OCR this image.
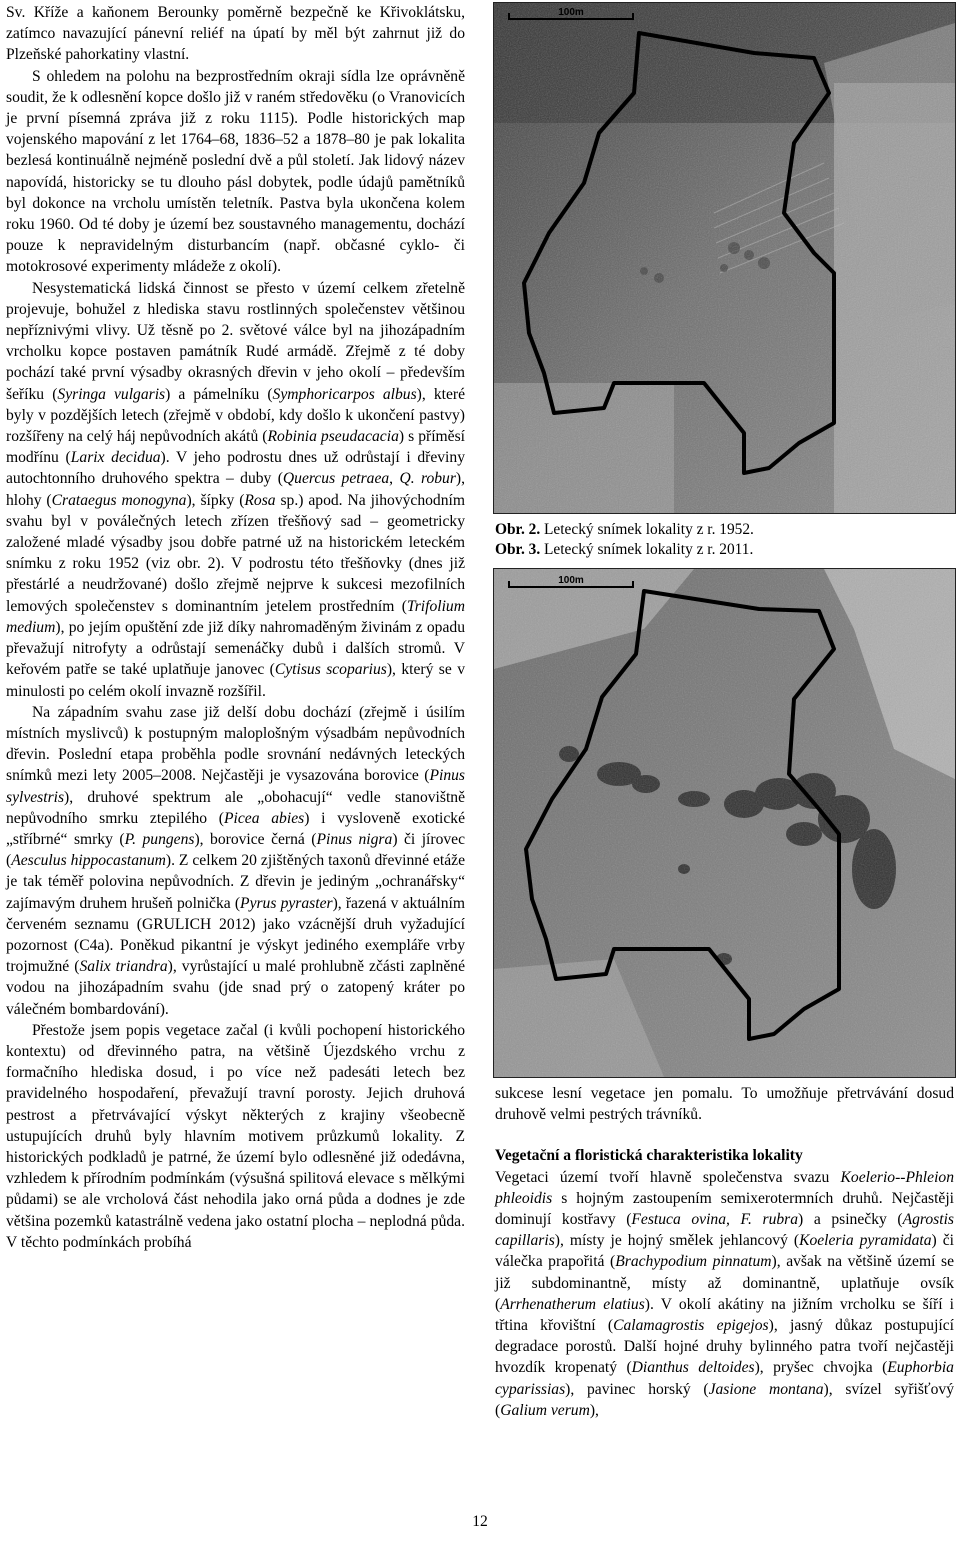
Sv. Kříže a kaňonem Berounky poměrně bezpečně ke Křivoklátsku, zatímco navazující pánevní reliéf na úpatí by měl být zahrnut již do Plzeňské pahorkatiny vlastní.

S ohledem na polohu na bezprostředním okraji sídla lze oprávněně soudit, že k odlesnění kopce došlo již v raném středověku (o Vranovicích je první písemná zpráva již z roku 1115). Podle historických map vojenského mapování z let 1764–68, 1836–52 a 1878–80 je pak lokalita bezlesá kontinuálně nejméně poslední dvě a půl století. Jak lidový název napovídá, historicky se tu dlouho pásl dobytek, podle údajů pamětníků byl dokonce na vrcholu umístěn teletník. Pastva byla ukončena kolem roku 1960. Od té doby je území bez soustavného managementu, dochází pouze k nepravidelným disturbancím (např. občasné cyklo- či motokrosové experimenty mládeže z okolí).

Nesystematická lidská činnost se přesto v území celkem zřetelně projevuje, bohužel z hlediska stavu rostlinných společenstev většinou nepříznivými vlivy. Už těsně po 2. světové válce byl na jihozápadním vrcholku kopce postaven památník Rudé armádě. Zřejmě z té doby pochází také první výsadby okrasných dřevin v jeho okolí – především šeříku (Syringa vulgaris) a pámelníku (Symphoricarpos albus), které byly v pozdějších letech (zřejmě v období, kdy došlo k ukončení pastvy) rozšířeny na celý háj nepůvodních akátů (Robinia pseudacacia) s příměsí modřínu (Larix decidua). V jeho podrostu dnes už odrůstají i dřeviny autochtonního druhového spektra – duby (Quercus petraea, Q. robur), hlohy (Crataegus monogyna), šípky (Rosa sp.) apod. Na jihovýchodním svahu byl v poválečných letech zřízen třešňový sad – geometricky založené mladé výsadby jsou dobře patrné už na historickém leteckém snímku z roku 1952 (viz obr. 2). V podrostu této třešňovky (dnes již přestárlé a neudržované) došlo zřejmě nejprve k sukcesi mezofilních lemových společenstev s dominantním jetelem prostředním (Trifolium medium), po jejím opuštění zde již díky nahromaděným živinám z opadu převažují nitrofyty a odrůstají semenáčky dubů i dalších stromů. V keřovém patře se také uplatňuje janovec (Cytisus scoparius), který se v minulosti po celém okolí invazně rozšířil.

Na západním svahu zase již delší dobu dochází (zřejmě i úsilím místních myslivců) k postupným maloplošným výsadbám nepůvodních dřevin. Poslední etapa proběhla podle srovnání nedávných leteckých snímků mezi lety 2005–2008. Nejčastěji je vysazována borovice (Pinus sylvestris), druhové spektrum ale „obohacují“ vedle stanovištně nepůvodního smrku ztepilého (Picea abies) i vysloveně exotické „stříbrné“ smrky (P. pungens), borovice černá (Pinus nigra) či jírovec (Aesculus hippocastanum). Z celkem 20 zjištěných taxonů dřevinné etáže je tak téměř polovina nepůvodních. Z dřevin je jediným „ochranářsky“ zajímavým druhem hrušeň polnička (Pyrus pyraster), řazená v aktuálním červeném seznamu (GRULICH 2012) jako vzácnější druh vyžadující pozornost (C4a). Poněkud pikantní je výskyt jediného exempláře vrby trojmužné (Salix triandra), vyrůstající u malé prohlubně zčásti zaplněné vodou na jihozápadním svahu (jde snad prý o zatopený kráter po válečném bombardování).

Přestože jsem popis vegetace začal (i kvůli pochopení historického kontextu) od dřevinného patra, na většině Újezdského vrchu z formačního hlediska dosud, i po více než padesáti letech bez pravidelného hospodaření, převažují travní porosty. Jejich druhová pestrost a přetrvávající výskyt některých z krajiny všeobecně ustupujících druhů byly hlavním motivem průzkumů lokality. Z historických podkladů je patrné, že území bylo odlesněné již odedávna, vzhledem k přírodním podmínkám (výsušná spilitová elevace s mělkými půdami) se ale vrcholová část nehodila jako orná půda a dodnes je zde většina pozemků katastrálně vedena jako ostatní plocha – neplodná půda. V těchto podmínkách probíhá

100m
Obr. 2. Letecký snímek lokality z r. 1952.
Obr. 3. Letecký snímek lokality z r. 2011.
100m

sukcese lesní vegetace jen pomalu. To umožňuje přetrvávání dosud druhově velmi pestrých trávníků.

Vegetační a floristická charakteristika lokality

Vegetaci území tvoří hlavně společenstva svazu Koelerio--Phleion phleoidis s hojným zastoupením semixerotermních druhů. Nejčastěji dominují kostřavy (Festuca ovina, F. rubra) a psinečky (Agrostis capillaris), místy je hojný smělek jehlancový (Koeleria pyramidata) či válečka prapořitá (Brachypodium pinnatum), avšak na většině území se již subdominantně, místy až dominantně, uplatňuje ovsík (Arrhenatherum elatius). V okolí akátiny na jižním vrcholku se šíří i třtina křovištní (Calamagrostis epigejos), jasný důkaz postupující degradace porostů. Další hojné druhy bylinného patra tvoří nejčastěji hvozdík kropenatý (Dianthus deltoides), pryšec chvojka (Euphorbia cyparissias), pavinec horský (Jasione montana), svízel syřišťový (Galium verum),

12
